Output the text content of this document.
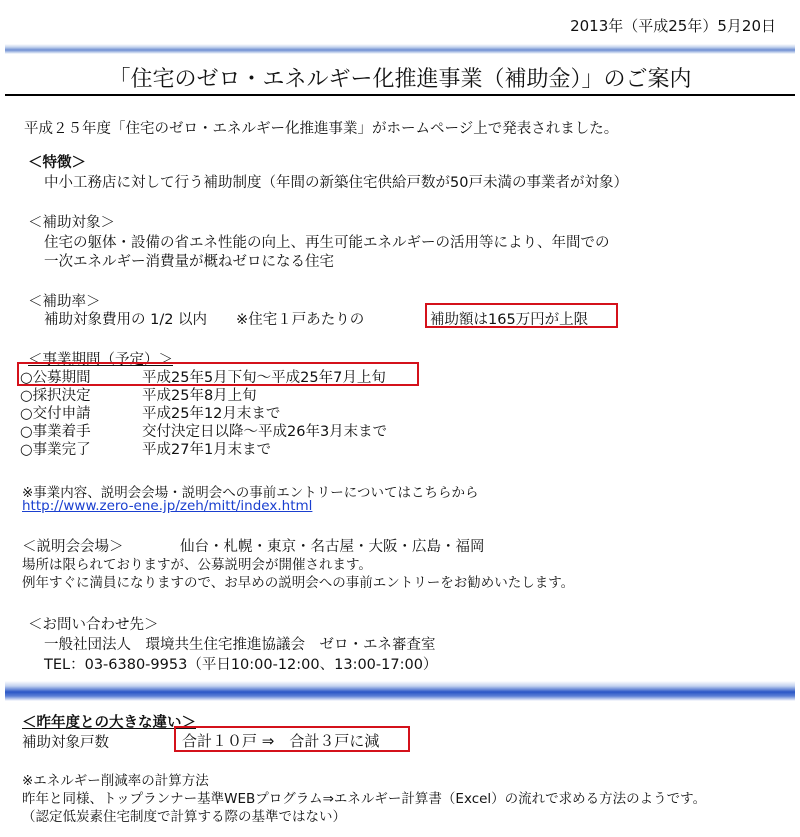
2013年（平成25年）5月20日
「住宅のゼロ・エネルギー化推進事業（補助金）」のご案内
平成２５年度「住宅のゼロ・エネルギー化推進事業」がホームページ上で発表されました。
＜特徴＞
中小工務店に対して行う補助制度（年間の新築住宅供給戸数が50戸未満の事業者が対象）
＜補助対象＞
住宅の躯体・設備の省エネ性能の向上、再生可能エネルギーの活用等により、年間での
一次エネルギー消費量が概ねゼロになる住宅
＜補助率＞
補助対象費用の 1/2 以内　　※住宅１戸あたりの	補助額は165万円が上限
＜事業期間（予定）＞
○公募期間	平成25年5月下旬～平成25年7月上旬
○採択決定	平成25年8月上旬
○交付申請	平成25年12月末まで
○事業着手	交付決定日以降～平成26年3月末まで
○事業完了	平成27年1月末まで
※事業内容、説明会会場・説明会への事前エントリーについてはこちらから
http://www.zero-ene.jp/zeh/mitt/index.html
＜説明会会場＞	仙台・札幌・東京・名古屋・大阪・広島・福岡
場所は限られておりますが、公募説明会が開催されます。
例年すぐに満員になりますので、お早めの説明会への事前エントリーをお勧めいたします。
＜お問い合わせ先＞
一般社団法人　環境共生住宅推進協議会　ゼロ・エネ審査室
TEL：03-6380-9953（平日10:00-12:00、13:00-17:00）
＜昨年度との大きな違い＞
補助対象戸数	合計１０戸 ⇒　合計３戸に減
※エネルギー削減率の計算方法
昨年と同様、トップランナー基準WEBプログラム⇒エネルギー計算書（Excel）の流れで求める方法のようです。
（認定低炭素住宅制度で計算する際の基準ではない）
